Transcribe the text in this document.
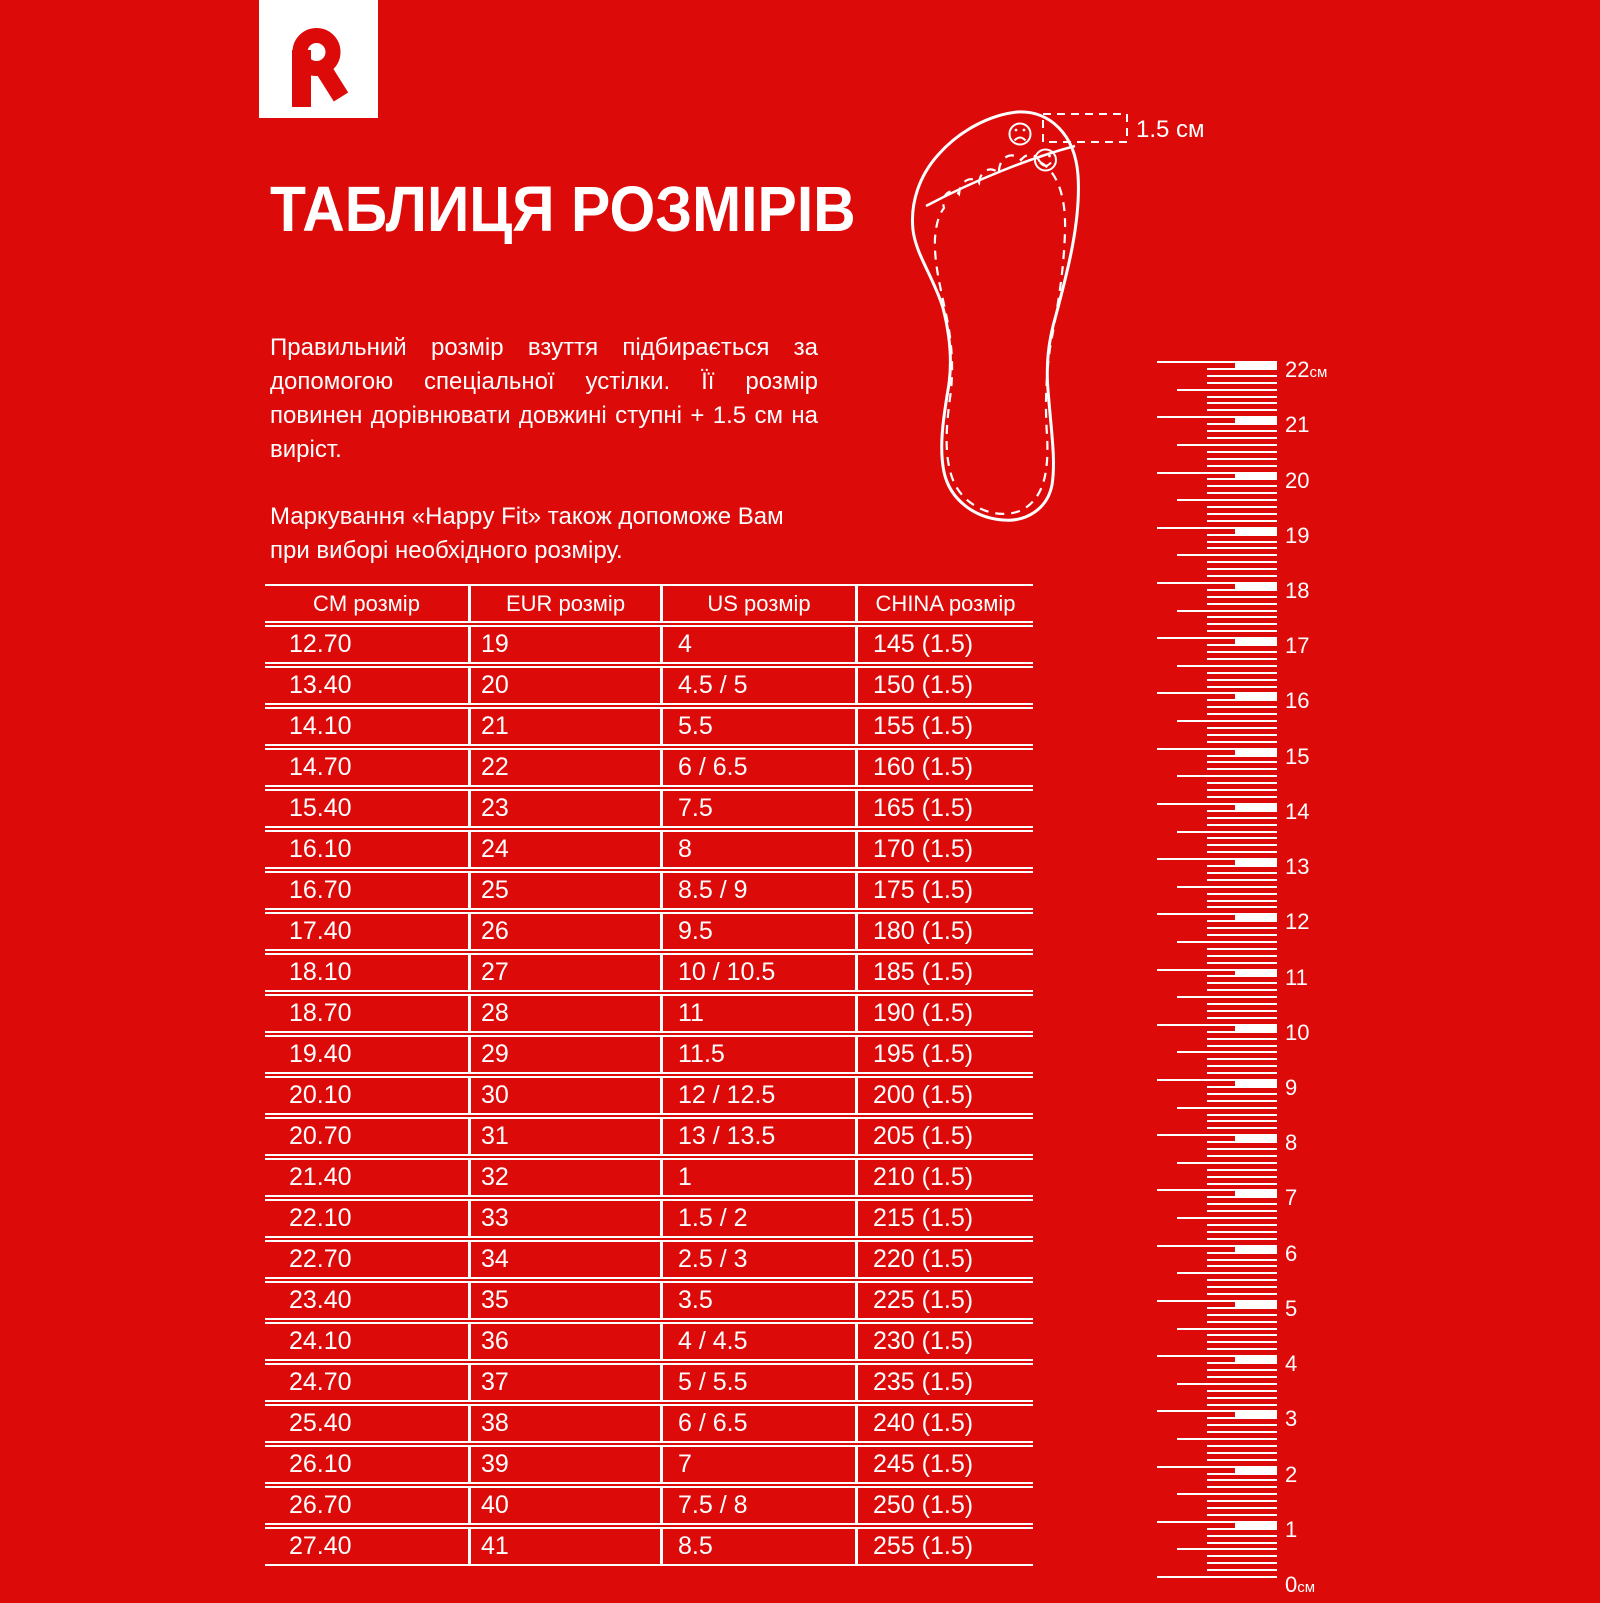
ТАБЛИЦЯ РОЗМІРІВ

Правильний розмір взуття підбирається за допомогою спеціальної устілки. Її розмір повинен дорівнювати довжині ступні + 1.5 см на виріст.

Маркування «Happy Fit» також допоможе Вам при виборі необхідного розміру.

1.5 см
CM розмір	EUR розмір	US розмір	CHINA розмір
12.70	19	4	145 (1.5)
13.40	20	4.5 / 5	150 (1.5)
14.10	21	5.5	155 (1.5)
14.70	22	6 / 6.5	160 (1.5)
15.40	23	7.5	165 (1.5)
16.10	24	8	170 (1.5)
16.70	25	8.5 / 9	175 (1.5)
17.40	26	9.5	180 (1.5)
18.10	27	10 / 10.5	185 (1.5)
18.70	28	11	190 (1.5)
19.40	29	11.5	195 (1.5)
20.10	30	12 / 12.5	200 (1.5)
20.70	31	13 / 13.5	205 (1.5)
21.40	32	1	210 (1.5)
22.10	33	1.5 / 2	215 (1.5)
22.70	34	2.5 / 3	220 (1.5)
23.40	35	3.5	225 (1.5)
24.10	36	4 / 4.5	230 (1.5)
24.70	37	5 / 5.5	235 (1.5)
25.40	38	6 / 6.5	240 (1.5)
26.10	39	7	245 (1.5)
26.70	40	7.5 / 8	250 (1.5)
27.40	41	8.5	255 (1.5)
22см
21
20
19
18
17
16
15
14
13
12
11
10
9
8
7
6
5
4
3
2
1
0см
